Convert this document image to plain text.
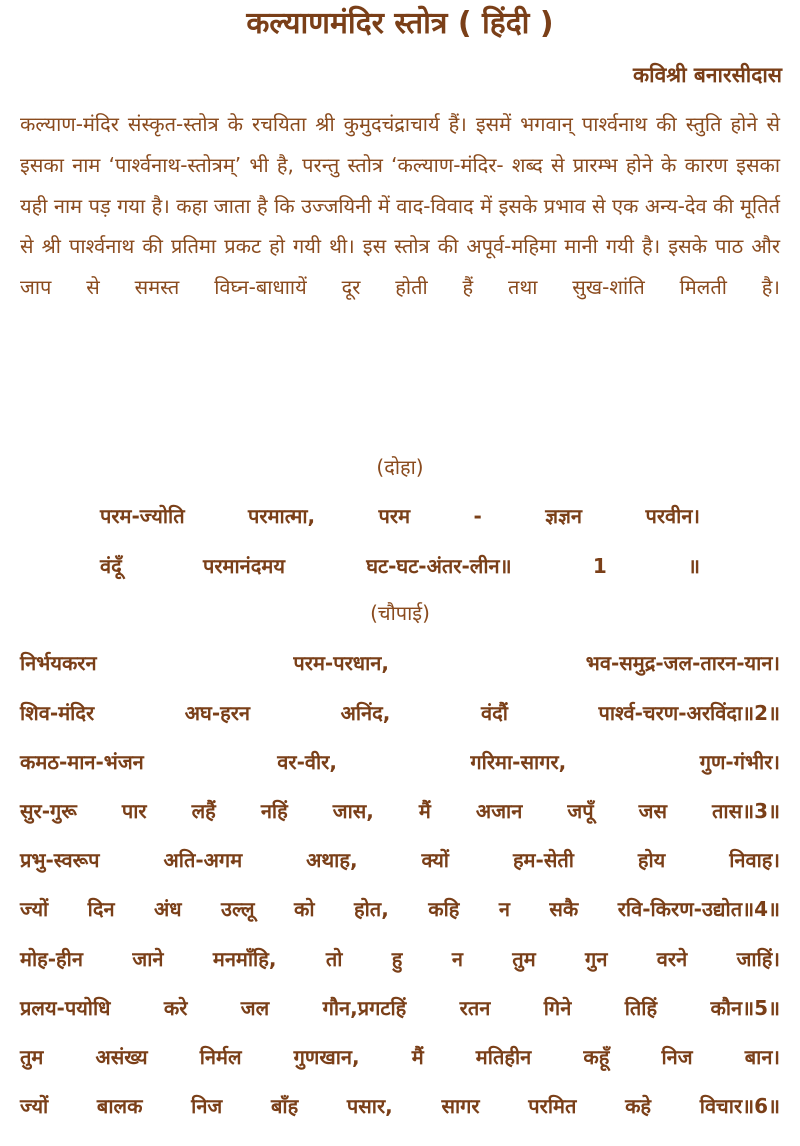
कल्याणमंदिर स्तोत्र ( हिंदी )
कविश्री बनारसीदास
कल्याण-मंदिर संस्कृत-स्तोत्र के रचयिता श्री कुमुदचंद्राचार्य हैं। इसमें भगवान् पार्श्वनाथ की स्तुति होने से इसका नाम ‘पार्श्वनाथ-स्तोत्रम्’ भी है, परन्तु स्तोत्र ‘कल्याण-मंदिर- शब्द से प्रारम्भ होने के कारण इसका यही नाम पड़ गया है। कहा जाता है कि उज्जयिनी में वाद-विवाद में इसके प्रभाव से एक अन्य-देव की मूतिर्त से श्री पार्श्वनाथ की प्रतिमा प्रकट हो गयी थी। इस स्तोत्र की अपूर्व-महिमा मानी गयी है। इसके पाठ और जाप से समस्त विघ्न-बाधाायें दूर होती हैं तथा सुख-शांति मिलती है।
(दोहा)
परम-ज्योति परमात्मा, परम - ज्ञज्ञन परवीन।
वंदूँ परमानंदमय घट-घट-अंतर-लीन॥ 1 ॥
(चौपाई)
निर्भयकरन परम-परधान, भव-समुद्र-जल-तारन-यान।
शिव-मंदिर अघ-हरन अनिंद, वंदौं पार्श्व-चरण-अरविंदा॥2॥
कमठ-मान-भंजन वर-वीर, गरिमा-सागर, गुण-गंभीर।
सुर-गुरू पार लहैं नहिं जास, मैं अजान जपूँ जस तास॥3॥
प्रभु-स्वरूप अति-अगम अथाह, क्यों हम-सेती होय निवाह।
ज्यों दिन अंध उल्लू को होत, कहि न सकै रवि-किरण-उद्योत॥4॥
मोह-हीन जाने मनमाँहि, तो हु न तुम गुन वरने जाहिं।
प्रलय-पयोधि करे जल गौन,प्रगटहिं रतन गिने तिहिं कौन॥5॥
तुम असंख्य निर्मल गुणखान, मैं मतिहीन कहूँ निज बान।
ज्यों बालक निज बाँह पसार, सागर परमित कहे विचार॥6॥
